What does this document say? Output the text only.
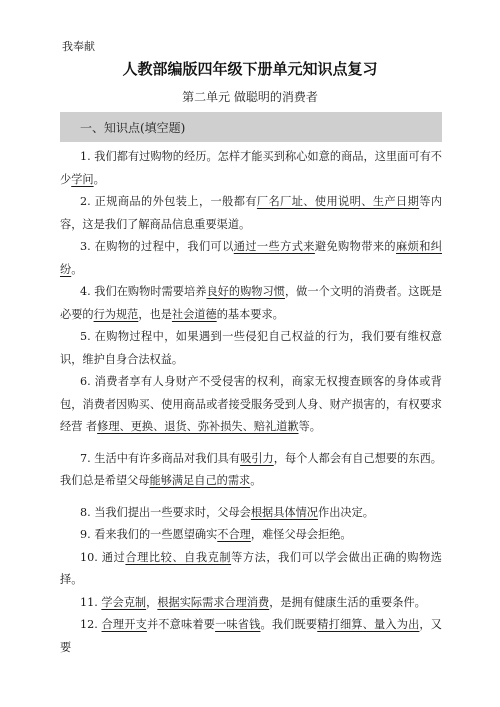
我奉献
人教部编版四年级下册单元知识点复习
第二单元 做聪明的消费者
一、知识点(填空题)

1. 我们都有过购物的经历。怎样才能买到称心如意的商品，这里面可有不少学问。

2. 正规商品的外包装上，一般都有厂名厂址、使用说明、生产日期等内容，这是我们了解商品信息重要渠道。

3. 在购物的过程中，我们可以通过一些方式来避免购物带来的麻烦和纠纷。

4. 我们在购物时需要培养良好的购物习惯，做一个文明的消费者。这既是必要的行为规范，也是社会道德的基本要求。

5. 在购物过程中，如果遇到一些侵犯自己权益的行为，我们要有维权意识，维护自身合法权益。

6. 消费者享有人身财产不受侵害的权利，商家无权搜查顾客的身体或背包，消费者因购买、使用商品或者接受服务受到人身、财产损害的，有权要求经营 者修理、更换、退货、弥补损失、赔礼道歉等。

7. 生活中有许多商品对我们具有吸引力，每个人都会有自己想要的东西。我们总是希望父母能够满足自己的需求。

8. 当我们提出一些要求时，父母会根据具体情况作出决定。

9. 看来我们的一些愿望确实不合理，难怪父母会拒绝。

10. 通过合理比较、自我克制等方法，我们可以学会做出正确的购物选择。

11. 学会克制，根据实际需求合理消费，是拥有健康生活的重要条件。

12. 合理开支并不意味着要一味省钱。我们既要精打细算、量入为出，又要
